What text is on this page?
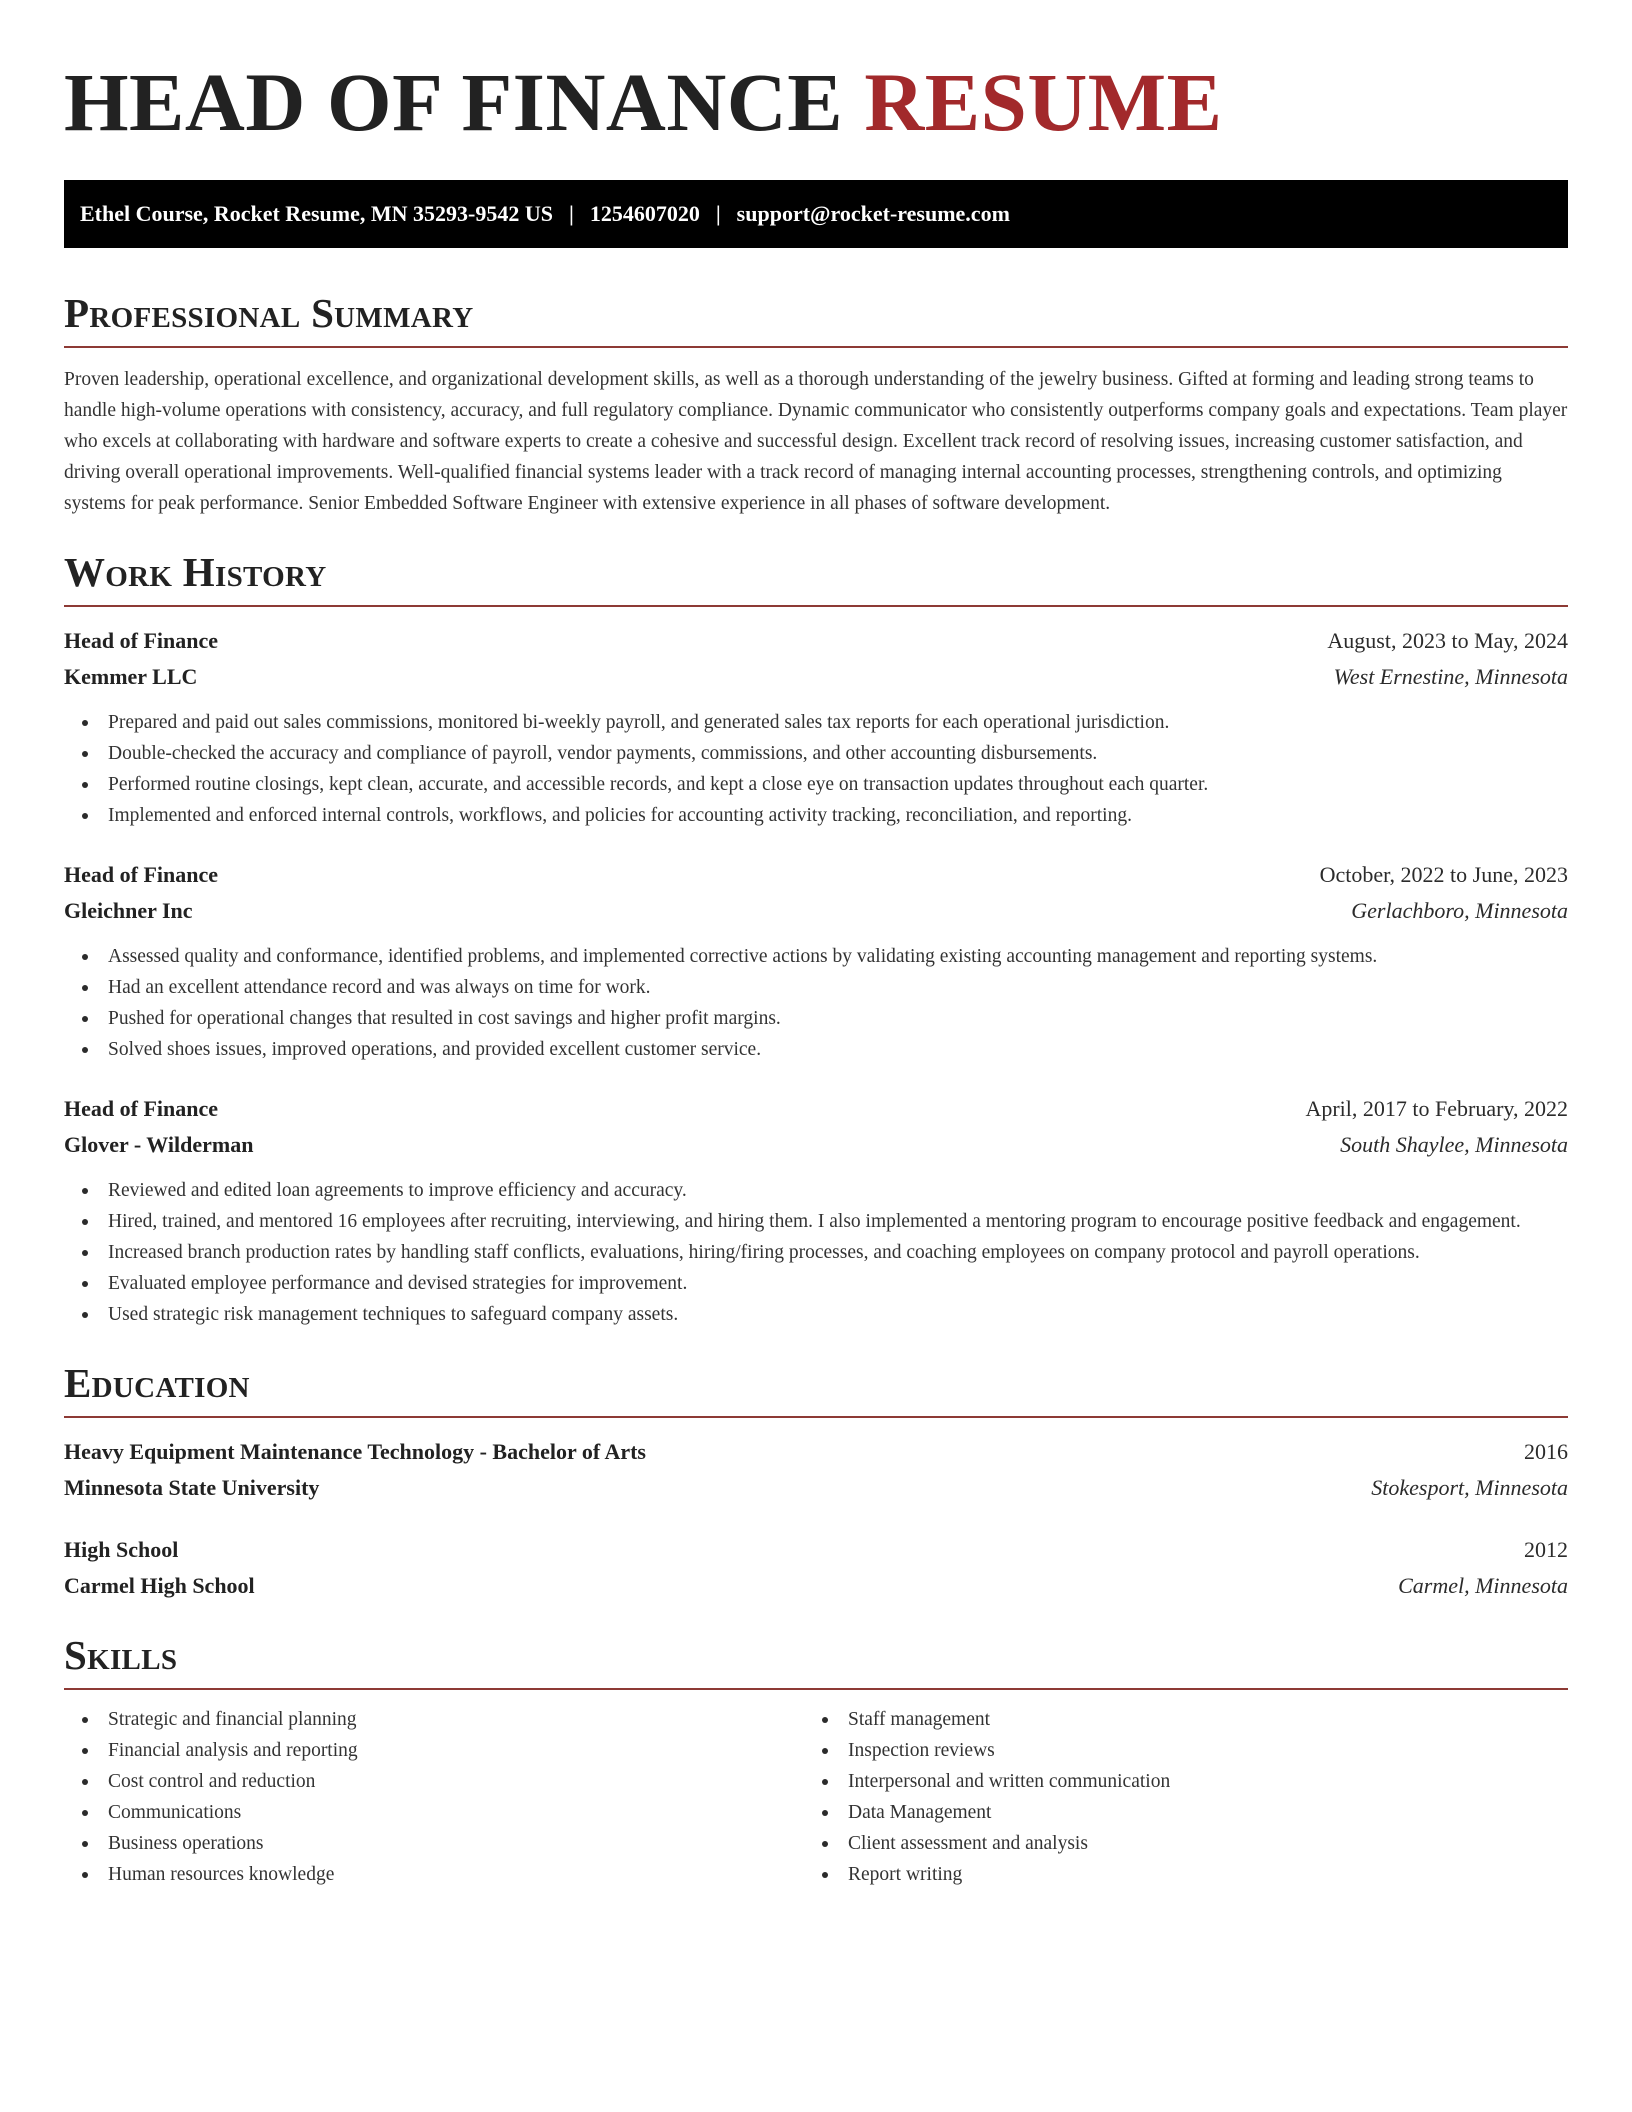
HEAD OF FINANCE RESUME
Ethel Course, Rocket Resume, MN 35293-9542 US | 1254607020 | support@rocket-resume.com
Professional Summary

Proven leadership, operational excellence, and organizational development skills, as well as a thorough understanding of the jewelry business. Gifted at forming and leading strong teams to handle high-volume operations with consistency, accuracy, and full regulatory compliance. Dynamic communicator who consistently outperforms company goals and expectations. Team player who excels at collaborating with hardware and software experts to create a cohesive and successful design. Excellent track record of resolving issues, increasing customer satisfaction, and driving overall operational improvements. Well-qualified financial systems leader with a track record of managing internal accounting processes, strengthening controls, and optimizing systems for peak performance. Senior Embedded Software Engineer with extensive experience in all phases of software development.

Work History
Head of Finance	August, 2023 to May, 2024
Kemmer LLC	West Ernestine, Minnesota
Prepared and paid out sales commissions, monitored bi-weekly payroll, and generated sales tax reports for each operational jurisdiction.
Double-checked the accuracy and compliance of payroll, vendor payments, commissions, and other accounting disbursements.
Performed routine closings, kept clean, accurate, and accessible records, and kept a close eye on transaction updates throughout each quarter.
Implemented and enforced internal controls, workflows, and policies for accounting activity tracking, reconciliation, and reporting.
Head of Finance	October, 2022 to June, 2023
Gleichner Inc	Gerlachboro, Minnesota
Assessed quality and conformance, identified problems, and implemented corrective actions by validating existing accounting management and reporting systems.
Had an excellent attendance record and was always on time for work.
Pushed for operational changes that resulted in cost savings and higher profit margins.
Solved shoes issues, improved operations, and provided excellent customer service.
Head of Finance	April, 2017 to February, 2022
Glover - Wilderman	South Shaylee, Minnesota
Reviewed and edited loan agreements to improve efficiency and accuracy.
Hired, trained, and mentored 16 employees after recruiting, interviewing, and hiring them. I also implemented a mentoring program to encourage positive feedback and engagement.
Increased branch production rates by handling staff conflicts, evaluations, hiring/firing processes, and coaching employees on company protocol and payroll operations.
Evaluated employee performance and devised strategies for improvement.
Used strategic risk management techniques to safeguard company assets.
Education
Heavy Equipment Maintenance Technology - Bachelor of Arts	2016
Minnesota State University	Stokesport, Minnesota
High School	2012
Carmel High School	Carmel, Minnesota
Skills
Strategic and financial planning
Financial analysis and reporting
Cost control and reduction
Communications
Business operations
Human resources knowledge
Staff management
Inspection reviews
Interpersonal and written communication
Data Management
Client assessment and analysis
Report writing
